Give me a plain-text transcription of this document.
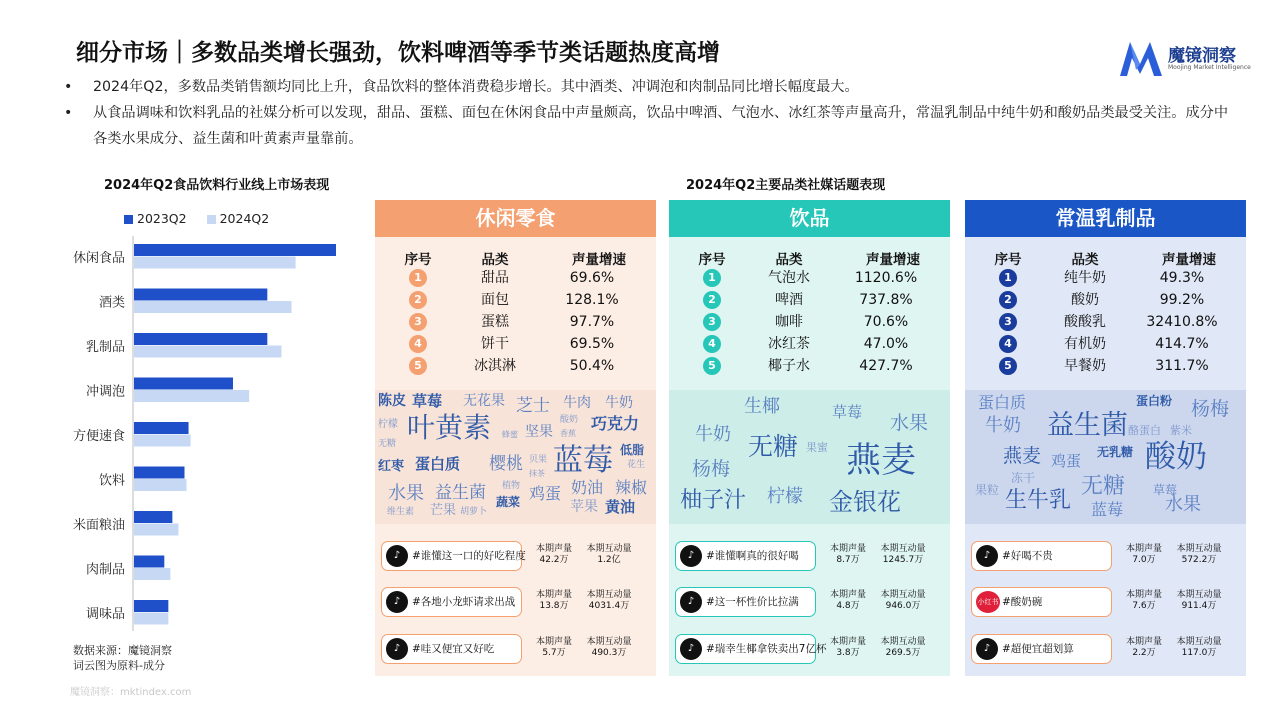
细分市场｜多数品类增长强劲，饮料啤酒等季节类话题热度高增	魔镜洞察
Moojing Market Intelligence
• 2024年Q2，多数品类销售额均同比上升，食品饮料的整体消费稳步增长。其中酒类、冲调泡和肉制品同比增长幅度最大。
• 从食品调味和饮料乳品的社媒分析可以发现，甜品、蛋糕、面包在休闲食品中声量颇高，饮品中啤酒、气泡水、冰红茶等声量高升，常温乳制品中纯牛奶和酸奶品类最受关注。成分中各类水果成分、益生菌和叶黄素声量靠前。
2024年Q2食品饮料行业线上市场表现	2024年Q2主要品类社媒话题表现
2023Q2	2024Q2
休闲食品
酒类
乳制品
冲调泡
方便速食
饮料
米面粮油
肉制品
调味品
数据来源：魔镜洞察
词云图为原料-成分
魔镜洞察：mktindex.com
休闲零食
序号	品类	声量增速
1	甜品	69.6%
2	面包	128.1%
3	蛋糕	97.7%
4	饼干	69.5%
5	冰淇淋	50.4%
陈皮 草莓 无花果 芝士 牛肉 牛奶
柠檬 叶黄素 蜂蜜 坚果
酸奶
香蕉
巧克力
无糖
红枣 蛋白质 樱桃 贝果
抹茶 蓝莓 低脂
花生
水果 益生菌 植物
蔬菜 鸡蛋 奶油 辣椒
维生素 芒果 胡萝卜	苹果 黄油
♪	#谁懂这一口的好吃程度
本期声量
42.2万
本期互动量
1.2亿
♪	#各地小龙虾请求出战
本期声量
13.8万
本期互动量
4031.4万
♪	#哇又便宜又好吃
本期声量
5.7万
本期互动量
490.3万
饮品
序号	品类	声量增速
1	气泡水	1120.6%
2	啤酒	737.8%
3	咖啡	70.6%
4	冰红茶	47.0%
5	椰子水	427.7%
生椰	草莓
牛奶
水果
无糖 果蜜 燕麦
杨梅
柚子汁 柠檬 金银花
♪	#谁懂啊真的很好喝
本期声量
8.7万
本期互动量
1245.7万
♪	#这一杯性价比拉满
本期声量
4.8万
本期互动量
946.0万
♪	#瑞幸生椰拿铁卖出7亿杯
本期声量
3.8万
本期互动量
269.5万
常温乳制品
序号	品类	声量增速
1	纯牛奶	49.3%
2	酸奶	99.2%
3	酸酸乳	32410.8%
4	有机奶	414.7%
5	早餐奶	311.7%
蛋白质	蛋白粉
牛奶 益生菌
杨梅
酪蛋白 紫米
燕麦 鸡蛋 无乳糖 酸奶
冻干
果粒	无糖
生牛乳	草莓
蓝莓 水果
♪	#好喝不贵
本期声量
7.0万
本期互动量
572.2万
小红书 #酸奶碗
本期声量
7.6万
本期互动量
911.4万
♪	#超便宜超划算
本期声量
2.2万
本期互动量
117.0万
